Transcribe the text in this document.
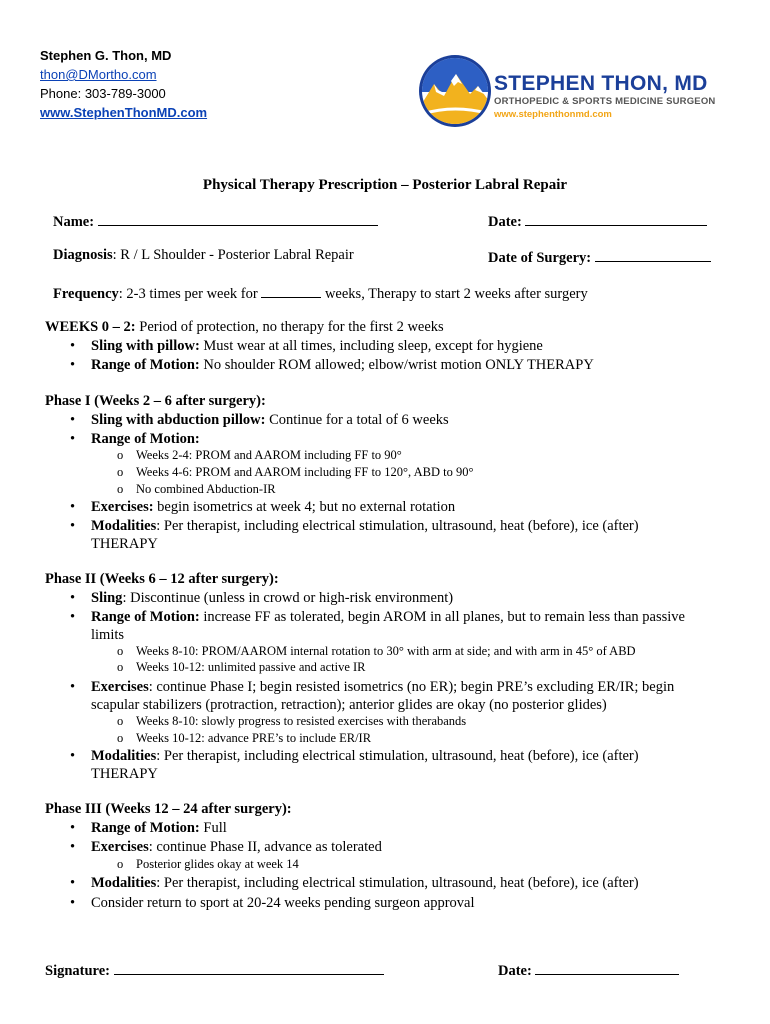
Stephen G. Thon, MD
thon@DMortho.com
Phone: 303-789-3000
www.StephenThonMD.com
STEPHEN THON, MD
ORTHOPEDIC & SPORTS MEDICINE SURGEON
www.stephenthonmd.com
Physical Therapy Prescription – Posterior Labral Repair
Name:	Date:
Diagnosis: R / L Shoulder - Posterior Labral Repair	Date of Surgery:
Frequency: 2-3 times per week for	weeks, Therapy to start 2 weeks after surgery
WEEKS 0 – 2: Period of protection, no therapy for the first 2 weeks
• Sling with pillow: Must wear at all times, including sleep, except for hygiene
• Range of Motion: No shoulder ROM allowed; elbow/wrist motion ONLY THERAPY
Phase I (Weeks 2 – 6 after surgery):
• Sling with abduction pillow: Continue for a total of 6 weeks
• Range of Motion:
o Weeks 2-4: PROM and AAROM including FF to 90°
o Weeks 4-6: PROM and AAROM including FF to 120°, ABD to 90°
o No combined Abduction-IR
• Exercises: begin isometrics at week 4; but no external rotation
• Modalities: Per therapist, including electrical stimulation, ultrasound, heat (before), ice (after)
THERAPY
Phase II (Weeks 6 – 12 after surgery):
• Sling: Discontinue (unless in crowd or high-risk environment)
• Range of Motion: increase FF as tolerated, begin AROM in all planes, but to remain less than passive
limits
o Weeks 8-10: PROM/AAROM internal rotation to 30° with arm at side; and with arm in 45° of ABD
o Weeks 10-12: unlimited passive and active IR
• Exercises: continue Phase I; begin resisted isometrics (no ER); begin PRE’s excluding ER/IR; begin
scapular stabilizers (protraction, retraction); anterior glides are okay (no posterior glides)
o Weeks 8-10: slowly progress to resisted exercises with therabands
o Weeks 10-12: advance PRE’s to include ER/IR
• Modalities: Per therapist, including electrical stimulation, ultrasound, heat (before), ice (after)
THERAPY
Phase III (Weeks 12 – 24 after surgery):
• Range of Motion: Full
• Exercises: continue Phase II, advance as tolerated
o Posterior glides okay at week 14
• Modalities: Per therapist, including electrical stimulation, ultrasound, heat (before), ice (after)
• Consider return to sport at 20-24 weeks pending surgeon approval
Signature:	Date:
